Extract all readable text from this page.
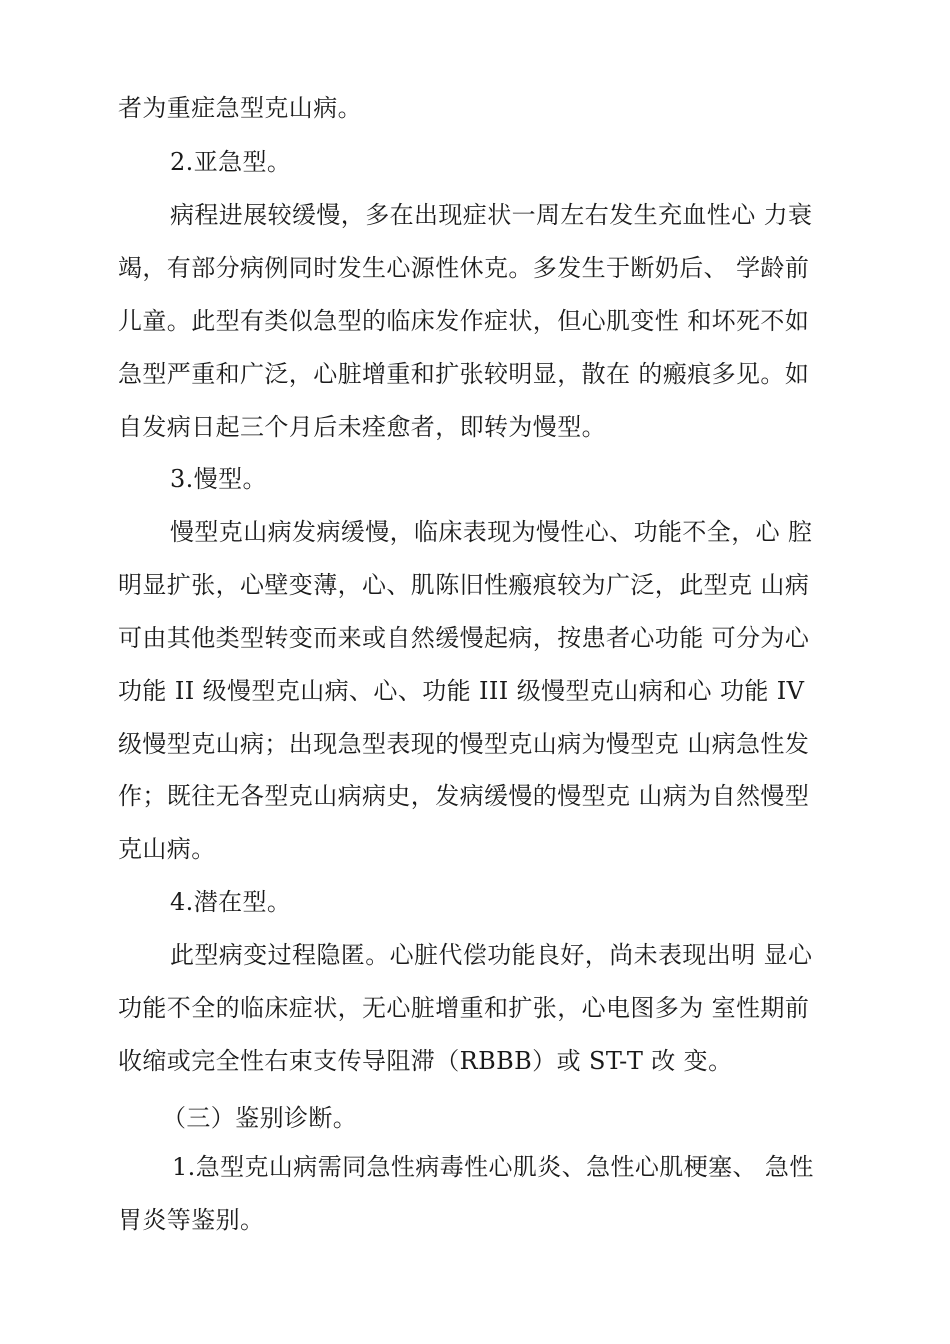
者为重症急型克山病。
2.亚急型。
病程进展较缓慢，多在出现症状一周左右发生充血性心 力衰
竭，有部分病例同时发生心源性休克。多发生于断奶后、 学龄前
儿童。此型有类似急型的临床发作症状，但心肌变性 和坏死不如
急型严重和广泛，心脏增重和扩张较明显，散在 的瘢痕多见。如
自发病日起三个月后未痊愈者，即转为慢型。
3.慢型。
慢型克山病发病缓慢，临床表现为慢性心、功能不全，心 腔
明显扩张，心壁变薄，心、肌陈旧性瘢痕较为广泛，此型克 山病
可由其他类型转变而来或自然缓慢起病，按患者心功能 可分为心
功能 II 级慢型克山病、心、功能 III 级慢型克山病和心 功能 IV
级慢型克山病；出现急型表现的慢型克山病为慢型克 山病急性发
作；既往无各型克山病病史，发病缓慢的慢型克 山病为自然慢型
克山病。
4.潜在型。
此型病变过程隐匿。心脏代偿功能良好，尚未表现出明 显心
功能不全的临床症状，无心脏增重和扩张，心电图多为 室性期前
收缩或完全性右束支传导阻滞（RBBB）或 ST-T 改 变。
（三）鉴别诊断。
1.急型克山病需同急性病毒性心肌炎、急性心肌梗塞、 急性
胃炎等鉴别。
